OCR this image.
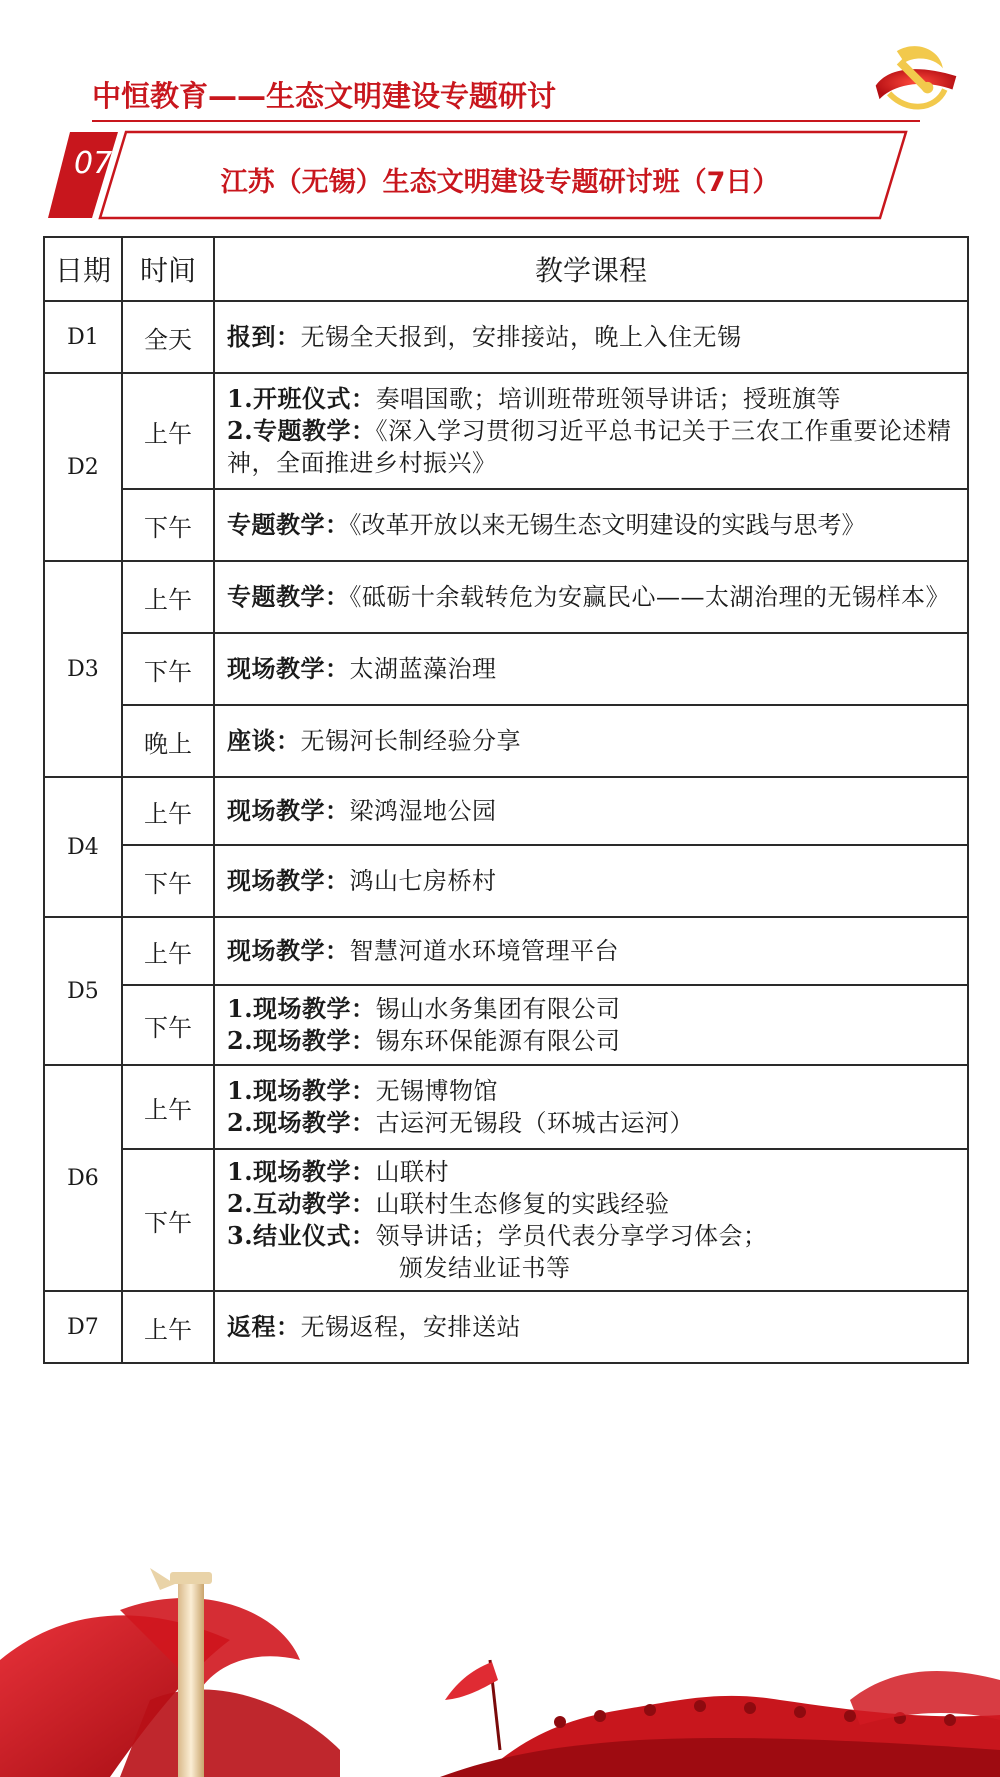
中恒教育——生态文明建设专题研讨
07
江苏（无锡）生态文明建设专题研讨班（7日）
日期	时间	教学课程
D1	全天	报到：无锡全天报到，安排接站，晚上入住无锡

D2	上午	1.开班仪式：奏唱国歌；培训班带班领导讲话；授班旗等
2.专题教学：《深入学习贯彻习近平总书记关于三农工作重要论述精神，全面推进乡村振兴》

	下午	专题教学：《改革开放以来无锡生态文明建设的实践与思考》

D3	上午	专题教学：《砥砺十余载转危为安赢民心——太湖治理的无锡样本》

	下午	现场教学：太湖蓝藻治理

	晚上	座谈：无锡河长制经验分享

D4	上午	现场教学：梁鸿湿地公园

	下午	现场教学：鸿山七房桥村

D5	上午	现场教学：智慧河道水环境管理平台

	下午	1.现场教学：锡山水务集团有限公司
2.现场教学：锡东环保能源有限公司

D6	上午	1.现场教学：无锡博物馆
2.现场教学：古运河无锡段（环城古运河）

	下午	1.现场教学：山联村
2.互动教学：山联村生态修复的实践经验
3.结业仪式：领导讲话；学员代表分享学习体会；
颁发结业证书等

D7	上午	返程：无锡返程，安排送站
